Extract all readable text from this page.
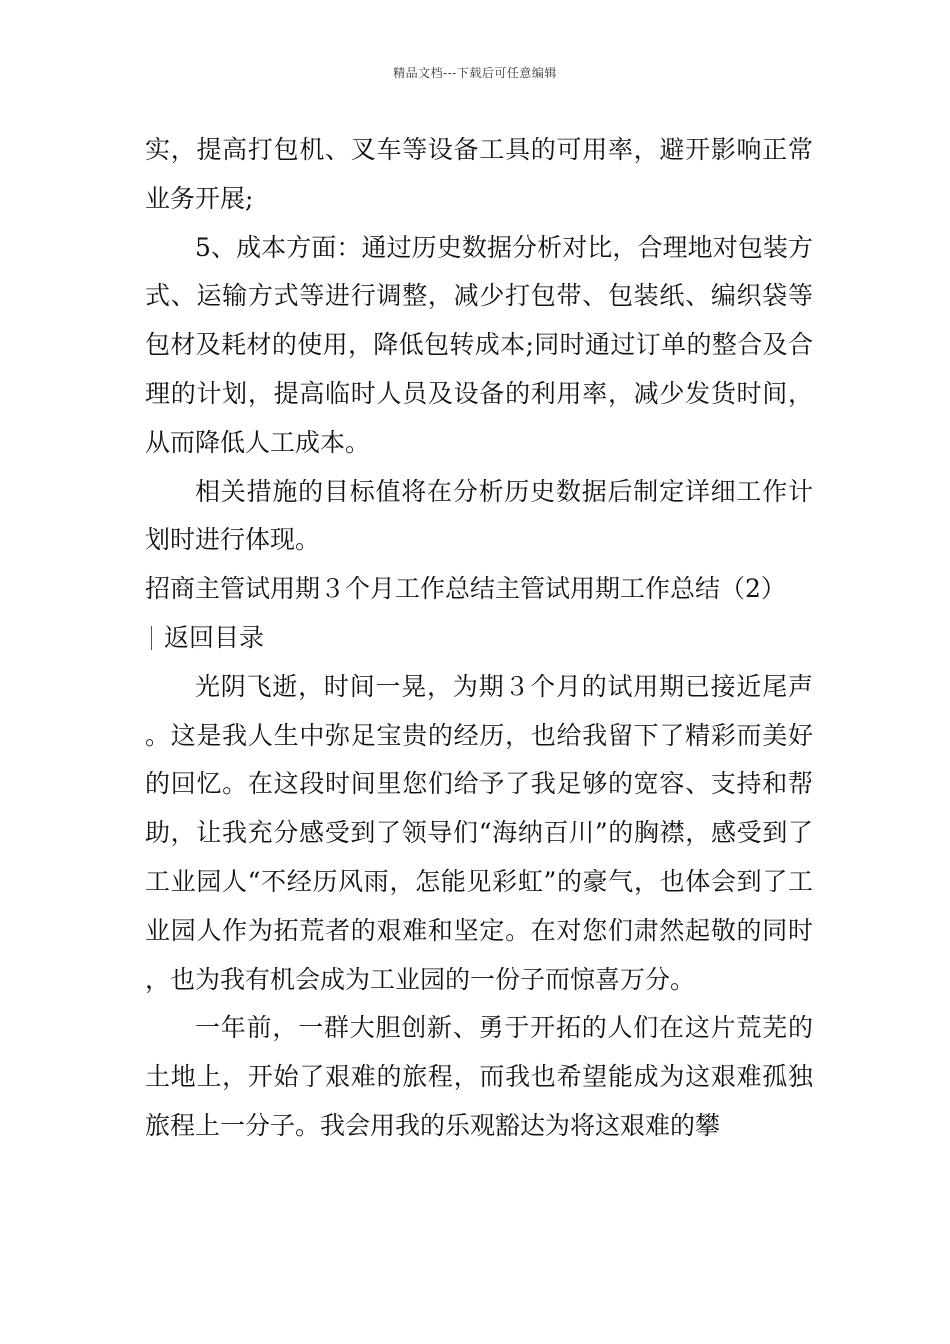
精品文档---下载后可任意编辑

实，提高打包机、叉车等设备工具的可用率，避开影响正常业务开展;

5、成本方面：通过历史数据分析对比，合理地对包装方式、运输方式等进行调整，减少打包带、包装纸、编织袋等包材及耗材的使用，降低包转成本;同时通过订单的整合及合理的计划，提高临时人员及设备的利用率，减少发货时间，从而降低人工成本。

相关措施的目标值将在分析历史数据后制定详细工作计划时进行体现。

招商主管试用期３个月工作总结主管试用期工作总结（2）

返回目录

光阴飞逝，时间一晃，为期３个月的试用期已接近尾声。这是我人生中弥足宝贵的经历，也给我留下了精彩而美好的回忆。在这段时间里您们给予了我足够的宽容、支持和帮助，让我充分感受到了领导们“海纳百川”的胸襟，感受到了工业园人“不经历风雨，怎能见彩虹”的豪气，也体会到了工业园人作为拓荒者的艰难和坚定。在对您们肃然起敬的同时，也为我有机会成为工业园的一份子而惊喜万分。

一年前，一群大胆创新、勇于开拓的人们在这片荒芜的土地上，开始了艰难的旅程，而我也希望能成为这艰难孤独旅程上一分子。我会用我的乐观豁达为将这艰难的攀
